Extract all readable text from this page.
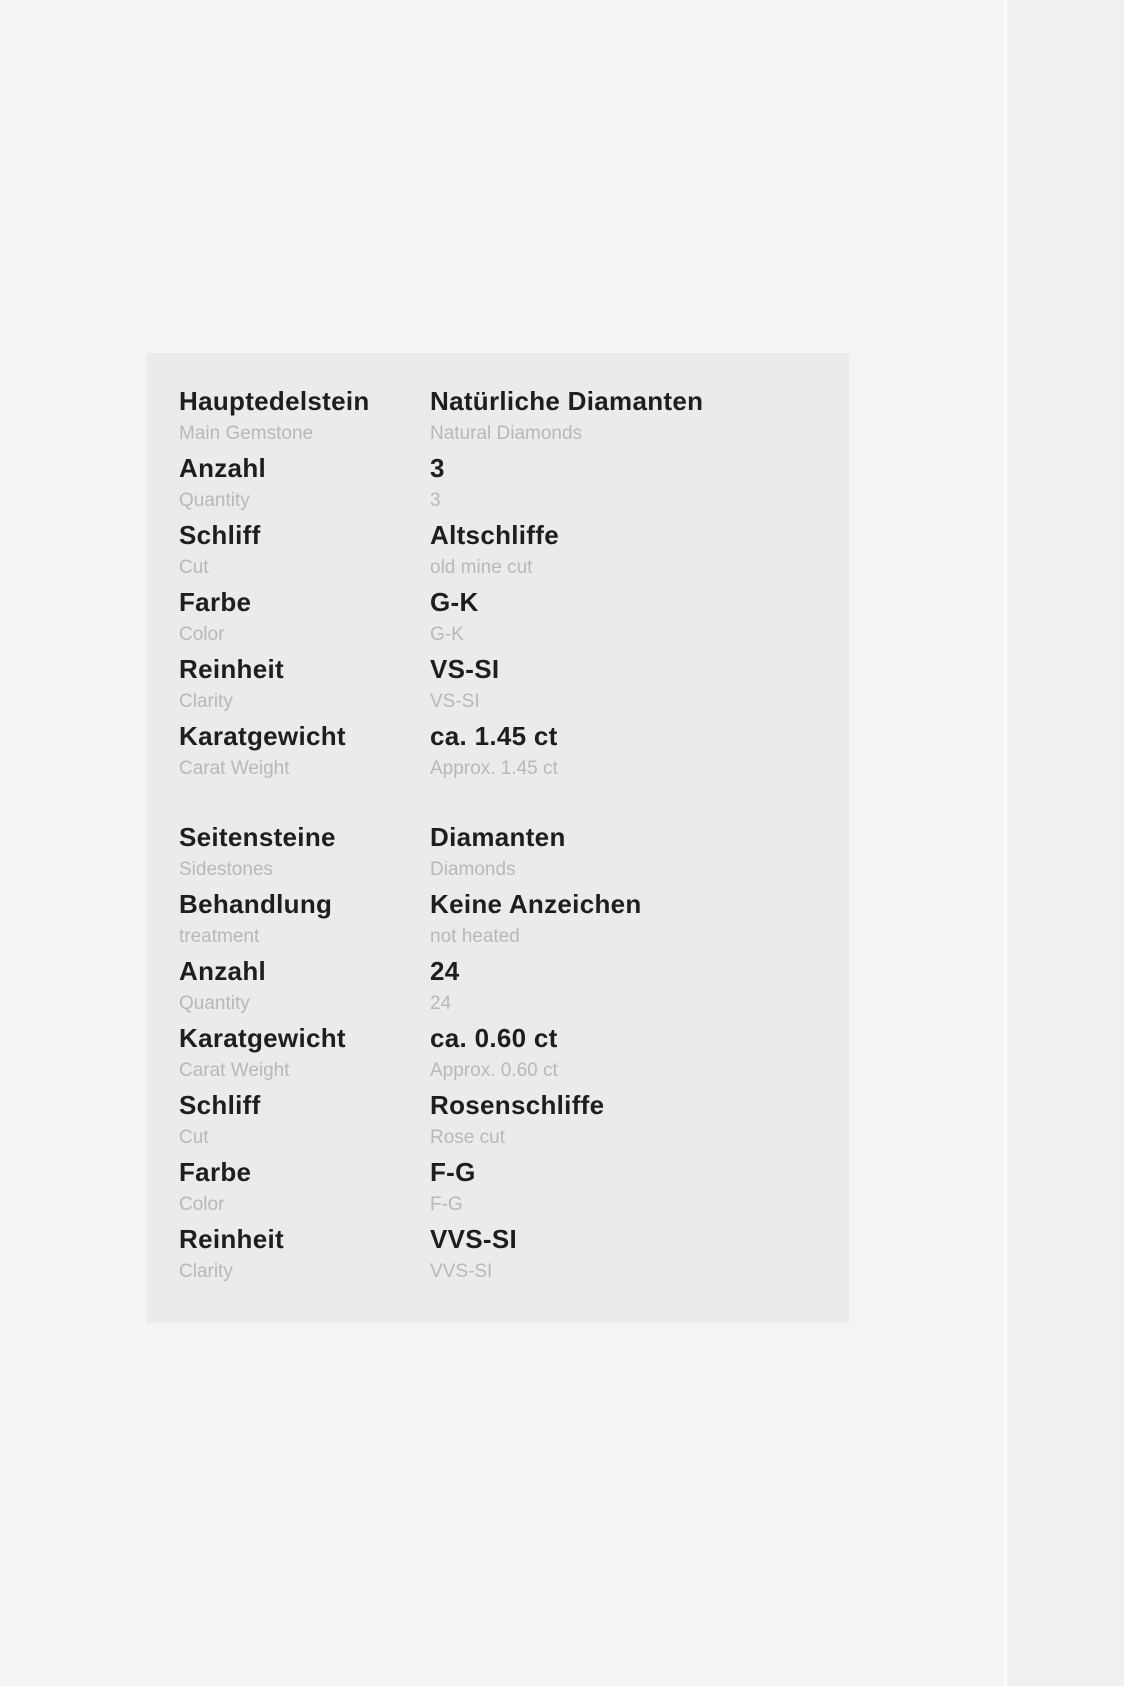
Hauptedelstein
Main Gemstone
Natürliche Diamanten
Natural Diamonds
Anzahl
Quantity
3
3
Schliff
Cut
Altschliffe
old mine cut
Farbe
Color
G-K
G-K
Reinheit
Clarity
VS-SI
VS-SI
Karatgewicht
Carat Weight
ca. 1.45 ct
Approx. 1.45 ct
Seitensteine
Sidestones
Diamanten
Diamonds
Behandlung
treatment
Keine Anzeichen
not heated
Anzahl
Quantity
24
24
Karatgewicht
Carat Weight
ca. 0.60 ct
Approx. 0.60 ct
Schliff
Cut
Rosenschliffe
Rose cut
Farbe
Color
F-G
F-G
Reinheit
Clarity
VVS-SI
VVS-SI
